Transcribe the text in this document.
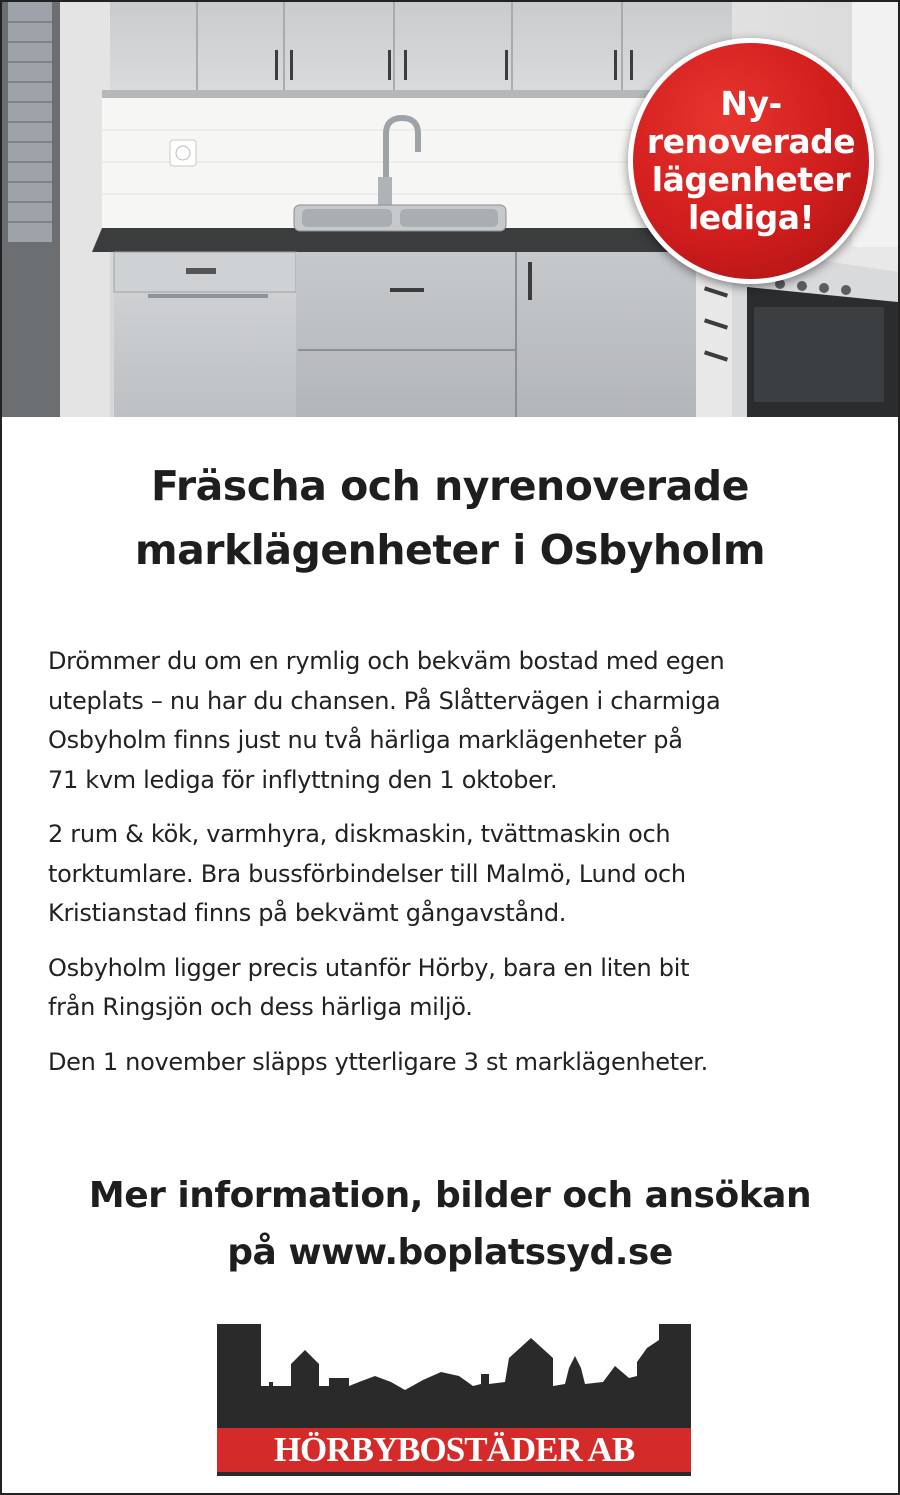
Ny-
renoverade
lägenheter
lediga!
Fräscha och nyrenoverade
marklägenheter i Osbyholm
Drömmer du om en rymlig och bekväm bostad med egen
uteplats – nu har du chansen. På Slåttervägen i charmiga
Osbyholm finns just nu två härliga marklägenheter på
71 kvm lediga för inflyttning den 1 oktober.
2 rum & kök, varmhyra, diskmaskin, tvättmaskin och
torktumlare. Bra bussförbindelser till Malmö, Lund och
Kristianstad finns på bekvämt gångavstånd.
Osbyholm ligger precis utanför Hörby, bara en liten bit
från Ringsjön och dess härliga miljö.
Den 1 november släpps ytterligare 3 st marklägenheter.
Mer information, bilder och ansökan
på www.boplatssyd.se
HÖRBYBOSTÄDER AB
